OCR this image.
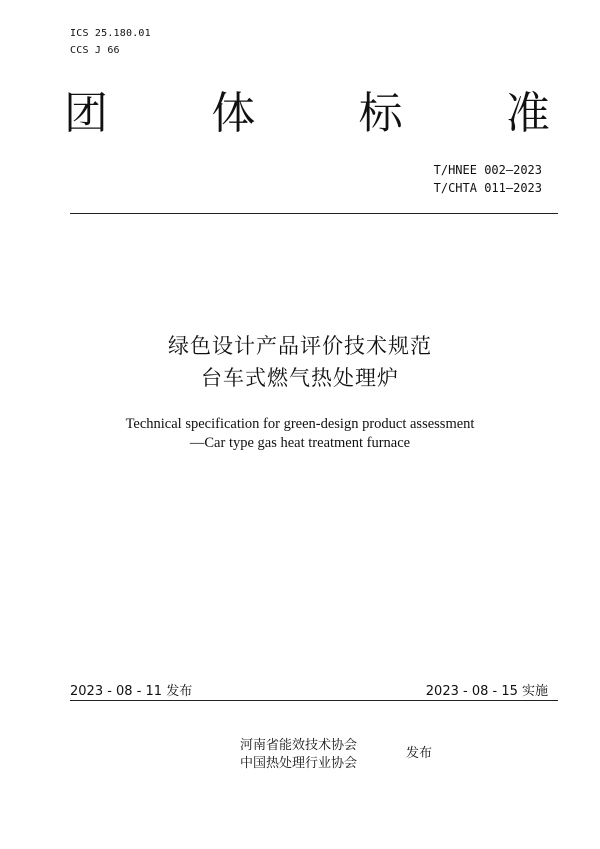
ICS 25.180.01
CCS J 66
团 体 标 准
T/HNEE 002—2023
T/CHTA 011—2023
绿色设计产品评价技术规范
台车式燃气热处理炉
Technical specification for green-design product assessment
—Car type gas heat treatment furnace
2023 - 08 - 11 发布	2023 - 08 - 15 实施
河南省能效技术协会
中国热处理行业协会
发布
